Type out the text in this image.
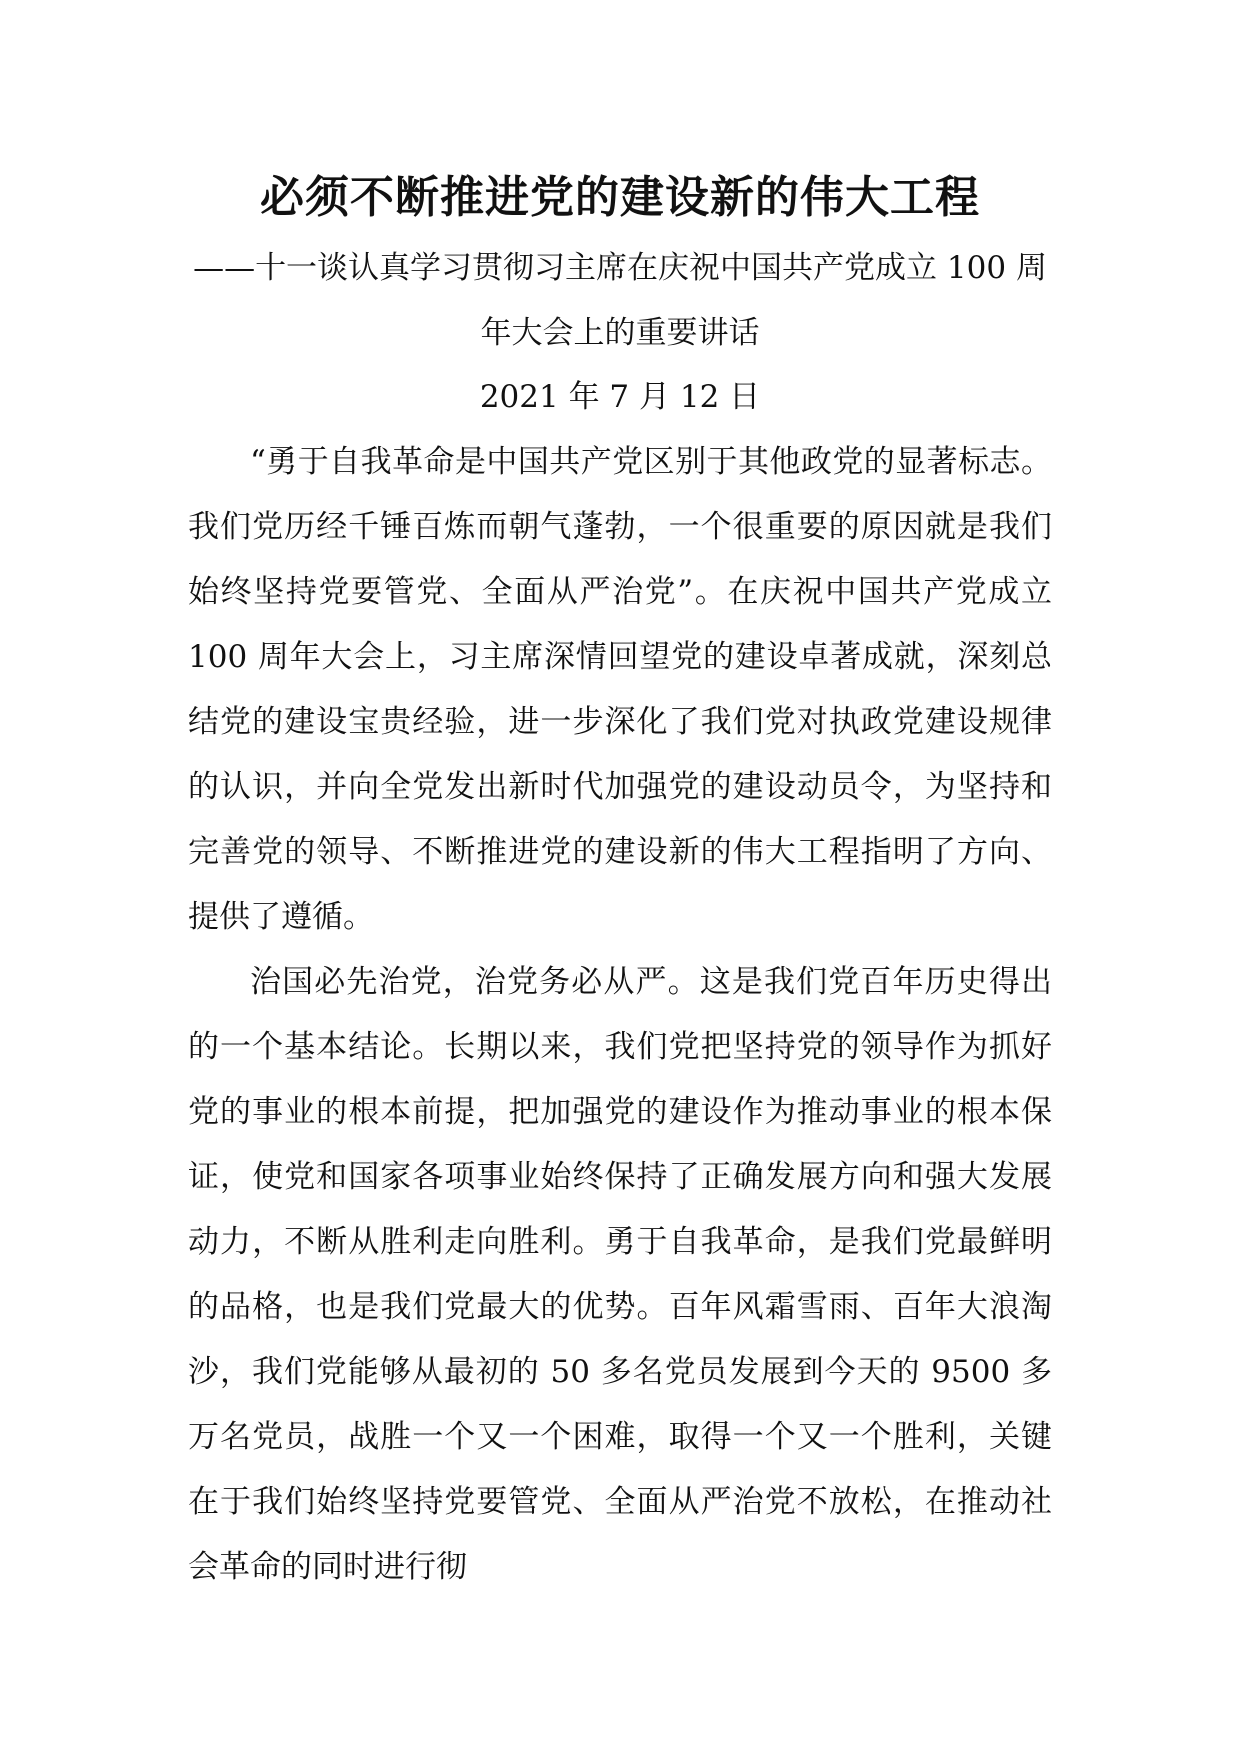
必须不断推进党的建设新的伟大工程

——十一谈认真学习贯彻习主席在庆祝中国共产党成立 100 周年大会上的重要讲话

2021 年 7 月 12 日

“勇于自我革命是中国共产党区别于其他政党的显著标志。我们党历经千锤百炼而朝气蓬勃，一个很重要的原因就是我们始终坚持党要管党、全面从严治党”。在庆祝中国共产党成立 100 周年大会上，习主席深情回望党的建设卓著成就，深刻总结党的建设宝贵经验，进一步深化了我们党对执政党建设规律的认识，并向全党发出新时代加强党的建设动员令，为坚持和完善党的领导、不断推进党的建设新的伟大工程指明了方向、提供了遵循。

治国必先治党，治党务必从严。这是我们党百年历史得出的一个基本结论。长期以来，我们党把坚持党的领导作为抓好党的事业的根本前提，把加强党的建设作为推动事业的根本保证，使党和国家各项事业始终保持了正确发展方向和强大发展动力，不断从胜利走向胜利。勇于自我革命，是我们党最鲜明的品格，也是我们党最大的优势。百年风霜雪雨、百年大浪淘沙，我们党能够从最初的 50 多名党员发展到今天的 9500 多万名党员，战胜一个又一个困难，取得一个又一个胜利，关键在于我们始终坚持党要管党、全面从严治党不放松，在推动社会革命的同时进行彻
